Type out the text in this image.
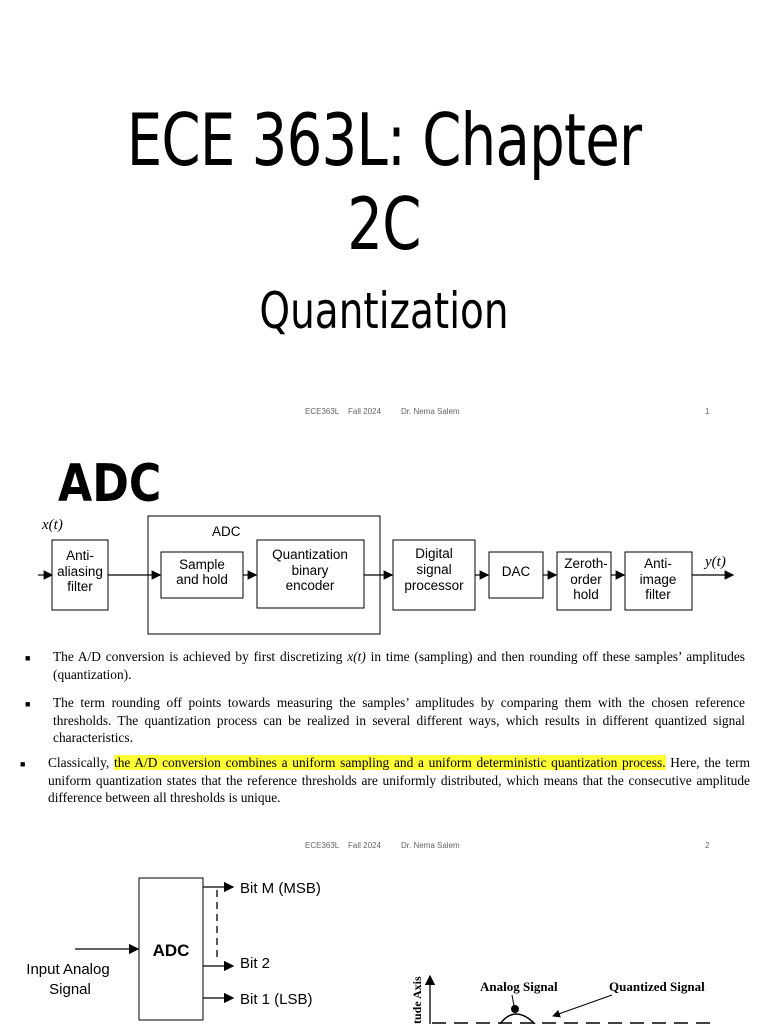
ECE 363L: Chapter 2C
Quantization
ECE363L Fall 2024	Dr. Nema Salem	1
ADC
x(t)
y(t)
ADC
Anti-
aliasing
filter
Sample
and hold
Quantization
binary
encoder
Digital
signal
processor
DAC
Zeroth-
order
hold
Anti-
image
filter
■ The A/D conversion is achieved by first discretizing x(t) in time (sampling) and then rounding off these samples’ amplitudes (quantization).
■ The term rounding off points towards measuring the samples’ amplitudes by comparing them with the chosen reference thresholds. The quantization process can be realized in several different ways, which results in different quantized signal characteristics.
■ Classically, the A/D conversion combines a uniform sampling and a uniform deterministic quantization process. Here, the term uniform quantization states that the reference thresholds are uniformly distributed, which means that the consecutive amplitude difference between all thresholds is unique.
ECE363L Fall 2024	Dr. Nema Salem	2
ADC
Input Analog
Signal
Bit M (MSB)
Bit 2
Bit 1 (LSB)	tude Axis	Analog Signal	Quantized Signal
